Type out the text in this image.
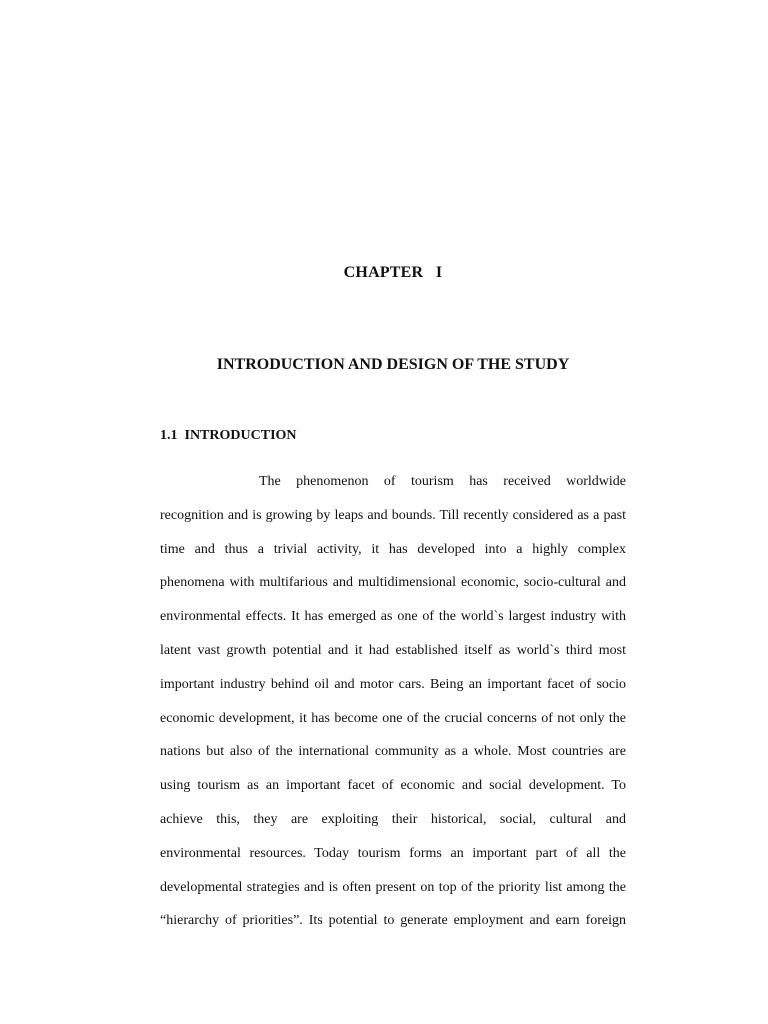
CHAPTER   I
INTRODUCTION AND DESIGN OF THE STUDY
1.1  INTRODUCTION
The phenomenon of tourism has received worldwide
recognition and is growing by leaps and bounds. Till recently considered as a past
time and thus a trivial activity, it has developed into a highly complex
phenomena with multifarious and multidimensional economic, socio-cultural and
environmental effects. It has emerged as one of the world`s largest industry with
latent vast growth potential and it had established itself as world`s third most
important industry behind oil and motor cars. Being an important facet of socio
economic development, it has become one of the crucial concerns of not only the
nations but also of the international community as a whole. Most countries are
using tourism as an important facet of economic and social development. To
achieve this, they are exploiting their historical, social, cultural and
environmental resources. Today tourism forms an important part of all the
developmental strategies and is often present on top of the priority list among the
“hierarchy of priorities”. Its potential to generate employment and earn foreign
